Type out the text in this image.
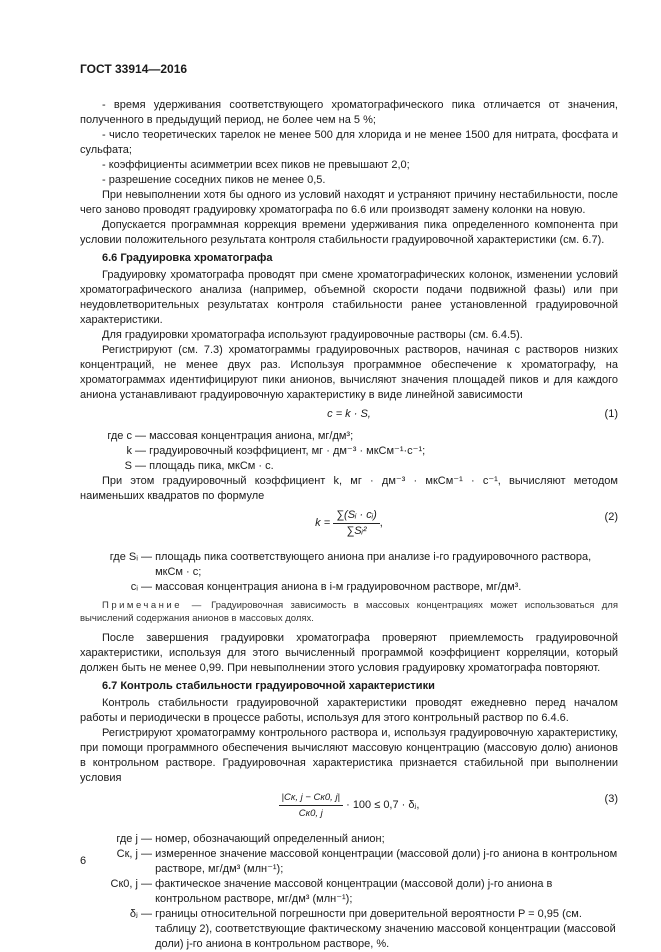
ГОСТ 33914—2016

- время удерживания соответствующего хроматографического пика отличается от значения, полученного в предыдущий период, не более чем на 5 %;

- число теоретических тарелок не менее 500 для хлорида и не менее 1500 для нитрата, фосфата и сульфата;

- коэффициенты асимметрии всех пиков не превышают 2,0;

- разрешение соседних пиков не менее 0,5.

При невыполнении хотя бы одного из условий находят и устраняют причину нестабильности, после чего заново проводят градуировку хроматографа по 6.6 или производят замену колонки на новую.

Допускается программная коррекция времени удерживания пика определенного компонента при условии положительного результата контроля стабильности градуировочной характеристики (см. 6.7).

6.6 Градуировка хроматографа

Градуировку хроматографа проводят при смене хроматографических колонок, изменении условий хроматографического анализа (например, объемной скорости подачи подвижной фазы) или при неудовлетворительных результатах контроля стабильности ранее установленной градуировочной характеристики.

Для градуировки хроматографа используют градуировочные растворы (см. 6.4.5).

Регистрируют (см. 7.3) хроматограммы градуировочных растворов, начиная с растворов низких концентраций, не менее двух раз. Используя программное обеспечение к хроматографу, на хроматограммах идентифицируют пики анионов, вычисляют значения площадей пиков и для каждого аниона устанавливают градуировочную характеристику в виде линейной зависимости

c = k · S,	(1)
где c —
массовая концентрация аниона, мг/дм³;
k —
градуировочный коэффициент, мг · дм⁻³ · мкСм⁻¹·с⁻¹;
S —
площадь пика, мкСм · с.

При этом градуировочный коэффициент k, мг · дм⁻³ · мкСм⁻¹ · с⁻¹, вычисляют методом наименьших квадратов по формуле

$k = \frac{\text{∑(Sᵢ · cᵢ)}}{\text{∑Sᵢ²}}$ ,	(2)
где Sᵢ —
площадь пика соответствующего аниона при анализе i-го градуировочного раствора, мкСм · с;
cᵢ —
массовая концентрация аниона в i-м градуировочном растворе, мг/дм³.

Примечание — Градуировочная зависимость в массовых концентрациях может использоваться для вычислений содержания анионов в массовых долях.

После завершения градуировки хроматографа проверяют приемлемость градуировочной характеристики, используя для этого вычисленный программой коэффициент корреляции, который должен быть не менее 0,99. При невыполнении этого условия градуировку хроматографа повторяют.

6.7 Контроль стабильности градуировочной характеристики

Контроль стабильности градуировочной характеристики проводят ежедневно перед началом работы и периодически в процессе работы, используя для этого контрольный раствор по 6.4.6.

Регистрируют хроматограмму контрольного раствора и, используя градуировочную характеристику, при помощи программного обеспечения вычисляют массовую концентрацию (массовую долю) анионов в контрольном растворе. Градуировочная характеристика признается стабильной при выполнении условия

$\frac{|Cк, j - Cк0, j|}{Cк0, j} \cdot 100 \le 0,7$ · δⱼ,	(3)
где j —
номер, обозначающий определенный анион;
Cк, j —
измеренное значение массовой концентрации (массовой доли) j-го аниона в контрольном растворе, мг/дм³ (млн⁻¹);
Cк0, j —
фактическое значение массовой концентрации (массовой доли) j-го аниона в контрольном растворе, мг/дм³ (млн⁻¹);
δⱼ —
границы относительной погрешности при доверительной вероятности P = 0,95 (см. таблицу 2), соответствующие фактическому значению массовой концентрации (массовой доли) j-го аниона в контрольном растворе, %.
6
